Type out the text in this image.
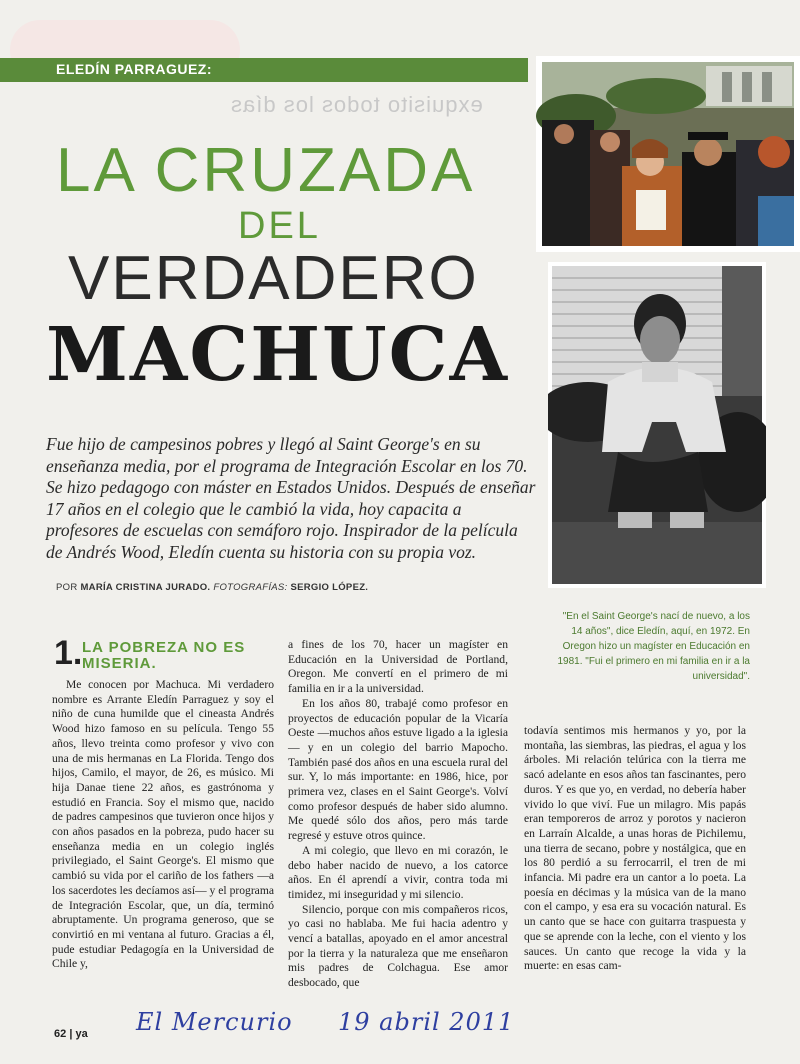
exquisito todos los días
ELEDÍN PARRAGUEZ:
LA CRUZADA
DEL
VERDADERO
MACHUCA

Fue hijo de campesinos pobres y llegó al Saint George's en su enseñanza media, por el programa de Integración Escolar en los 70. Se hizo pedagogo con máster en Estados Unidos. Después de enseñar 17 años en el colegio que le cambió la vida, hoy capacita a profesores de escuelas con semáforo rojo. Inspirador de la película de Andrés Wood, Eledín cuenta su historia con su propia voz.

POR MARÍA CRISTINA JURADO. FOTOGRAFÍAS: SERGIO LÓPEZ.

"En el Saint George's nací de nuevo, a los 14 años", dice Eledín, aquí, en 1972. En Oregon hizo un magíster en Educación en 1981. "Fui el primero en mi familia en ir a la universidad".

1. LA POBREZA NO ES MISERIA.

Me conocen por Machuca. Mi verdadero nombre es Arrante Eledín Parraguez y soy el niño de cuna humilde que el cineasta Andrés Wood hizo famoso en su película. Tengo 55 años, llevo treinta como profesor y vivo con una de mis hermanas en La Florida. Tengo dos hijos, Camilo, el mayor, de 26, es músico. Mi hija Danae tiene 22 años, es gastrónoma y estudió en Francia. Soy el mismo que, nacido de padres campesinos que tuvieron once hijos y con años pasados en la pobreza, pudo hacer su enseñanza media en un colegio inglés privilegiado, el Saint George's. El mismo que cambió su vida por el cariño de los fathers —a los sacerdotes les decíamos así— y el programa de Integración Escolar, que, un día, terminó abruptamente. Un programa generoso, que se convirtió en mi ventana al futuro. Gracias a él, pude estudiar Pedagogía en la Universidad de Chile y,

a fines de los 70, hacer un magíster en Educación en la Universidad de Portland, Oregon. Me convertí en el primero de mi familia en ir a la universidad.

En los años 80, trabajé como profesor en proyectos de educación popular de la Vicaría Oeste —muchos años estuve ligado a la iglesia— y en un colegio del barrio Mapocho. También pasé dos años en una escuela rural del sur. Y, lo más importante: en 1986, hice, por primera vez, clases en el Saint George's. Volví como profesor después de haber sido alumno. Me quedé sólo dos años, pero más tarde regresé y estuve otros quince.

A mi colegio, que llevo en mi corazón, le debo haber nacido de nuevo, a los catorce años. En él aprendí a vivir, contra toda mi timidez, mi inseguridad y mi silencio.

Silencio, porque con mis compañeros ricos, yo casi no hablaba. Me fui hacia adentro y vencí a batallas, apoyado en el amor ancestral por la tierra y la naturaleza que me enseñaron mis padres de Colchagua. Ese amor desbocado, que

todavía sentimos mis hermanos y yo, por la montaña, las siembras, las piedras, el agua y los árboles. Mi relación telúrica con la tierra me sacó adelante en esos años tan fascinantes, pero duros. Y es que yo, en verdad, no debería haber vivido lo que viví. Fue un milagro. Mis papás eran temporeros de arroz y porotos y nacieron en Larraín Alcalde, a unas horas de Pichilemu, una tierra de secano, pobre y nostálgica, que en los 80 perdió a su ferrocarril, el tren de mi infancia. Mi padre era un cantor a lo poeta. La poesía en décimas y la música van de la mano con el campo, y esa era su vocación natural. Es un canto que se hace con guitarra traspuesta y que se aprende con la leche, con el viento y los sauces. Un canto que recoge la vida y la muerte: en esas cam-

62 | ya El Mercurio 19 abril 2011
